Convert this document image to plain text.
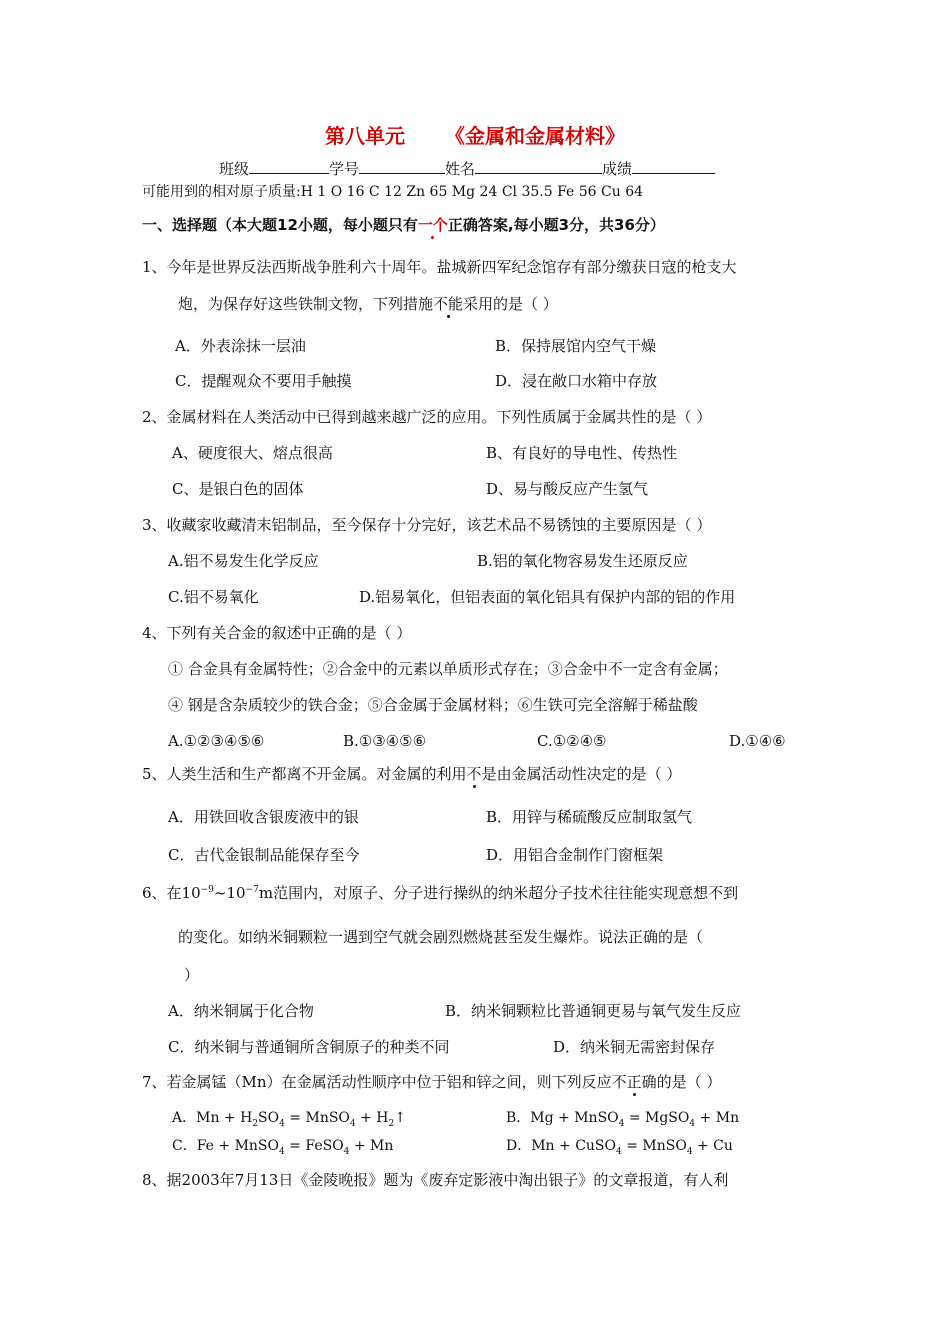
第八单元 《金属和金属材料》
班级	学号	姓名	成绩
可能用到的相对原子质量:H 1 O 16 C 12 Zn 65 Mg 24 Cl 35.5 Fe 56 Cu 64
一、选择题（本大题12小题，每小题只有一个正确答案,每小题3分，共36分）
1、今年是世界反法西斯战争胜利六十周年。盐城新四军纪念馆存有部分缴获日寇的枪支大
炮，为保存好这些铁制文物，下列措施不能采用的是（ ）
A．外表涂抹一层油	B．保持展馆内空气干燥
C．提醒观众不要用手触摸	D．浸在敞口水箱中存放
2、金属材料在人类活动中已得到越来越广泛的应用。下列性质属于金属共性的是（ ）
A、硬度很大、熔点很高	B、有良好的导电性、传热性
C、是银白色的固体	D、易与酸反应产生氢气
3、收藏家收藏清末铝制品，至今保存十分完好，该艺术品不易锈蚀的主要原因是（ ）
A.铝不易发生化学反应	B.铝的氧化物容易发生还原反应
C.铝不易氧化	D.铝易氧化，但铝表面的氧化铝具有保护内部的铝的作用
4、下列有关合金的叙述中正确的是（ ）
① 合金具有金属特性；②合金中的元素以单质形式存在；③合金中不一定含有金属；
④ 钢是含杂质较少的铁合金；⑤合金属于金属材料；⑥生铁可完全溶解于稀盐酸
A.①②③④⑤⑥	B.①③④⑤⑥	C.①②④⑤	D.①④⑥
5、人类生活和生产都离不开金属。对金属的利用不是由金属活动性决定的是（ ）
A．用铁回收含银废液中的银	B．用锌与稀硫酸反应制取氢气
C．古代金银制品能保存至今	D．用铝合金制作门窗框架
6、在$10^{-9}\sim 10^{-7}m$范围内，对原子、分子进行操纵的纳米超分子技术往往能实现意想不到
的变化。如纳米铜颗粒一遇到空气就会剧烈燃烧甚至发生爆炸。说法正确的是（
）
A．纳米铜属于化合物	B．纳米铜颗粒比普通铜更易与氧气发生反应
C．纳米铜与普通铜所含铜原子的种类不同	D．纳米铜无需密封保存
7、若金属锰（Mn）在金属活动性顺序中位于铝和锌之间，则下列反应不正确的是（ ）
A．$Mn + H_2SO_4$ = MnSO$_4$ + $H_2↑$	B．Mg + MnSO$_4$ = MgSO$_4$ + Mn
C．Fe + MnSO$_4$ = FeSO$_4$ + Mn	D．Mn + CuSO$_4$ = MnSO$_4$ + Cu
8、据2003年7月13日《金陵晚报》题为《废弃定影液中淘出银子》的文章报道，有人利
